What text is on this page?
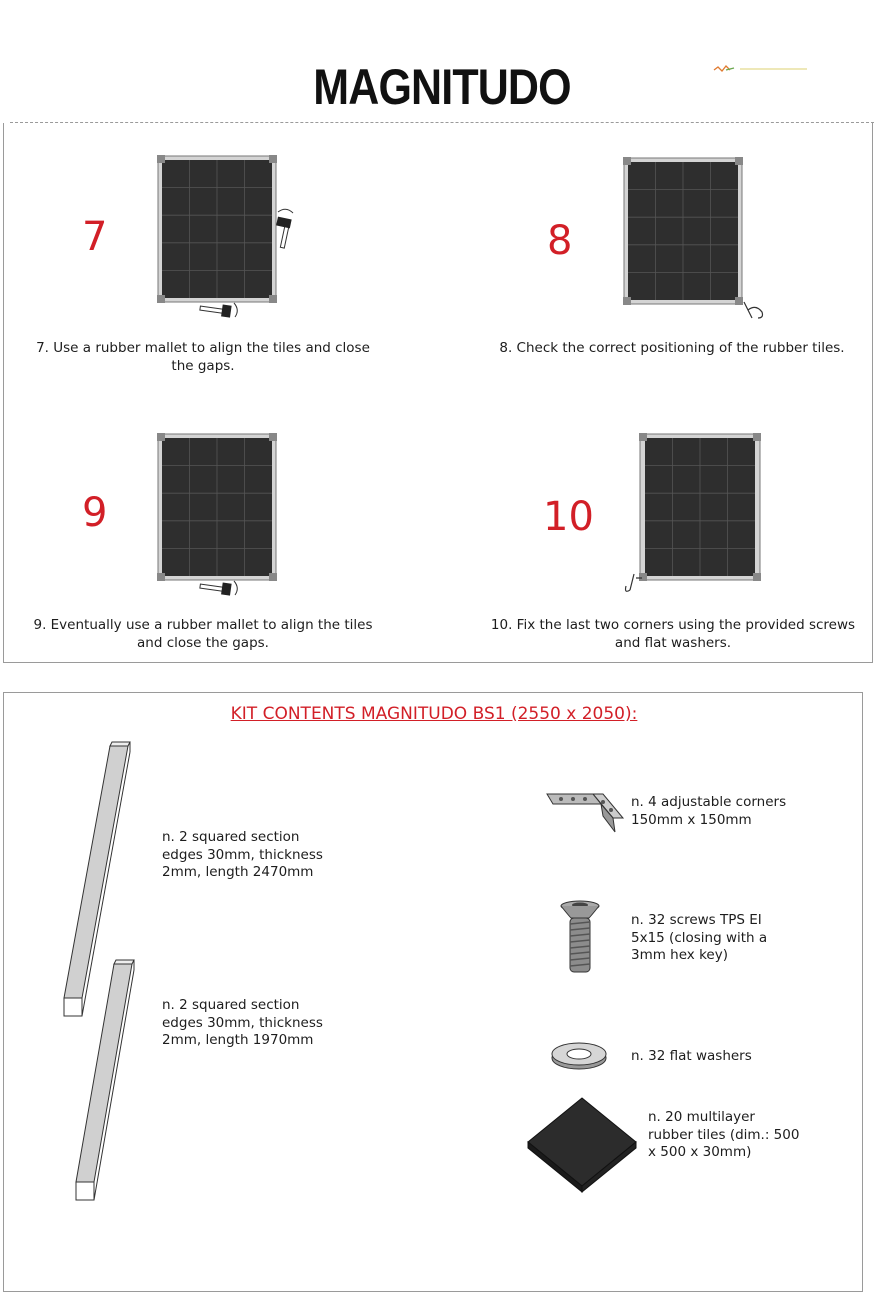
MAGNITUDO
7
7. Use a rubber mallet to align the tiles and close the gaps.
8
8. Check the correct positioning of the rubber tiles.
9
9. Eventually use a rubber mallet to align the tiles and close the gaps.
10
10. Fix the last two corners using the provided screws and flat washers.
KIT CONTENTS MAGNITUDO BS1 (2550 x 2050):
n. 2 squared section edges 30mm, thickness 2mm, length 2470mm
n. 2 squared section edges 30mm, thickness 2mm, length 1970mm
n. 4 adjustable corners 150mm x 150mm
n. 32 screws TPS EI 5x15 (closing with a 3mm hex key)
n. 32 flat washers
n. 20 multilayer rubber tiles (dim.: 500 x 500 x 30mm)
